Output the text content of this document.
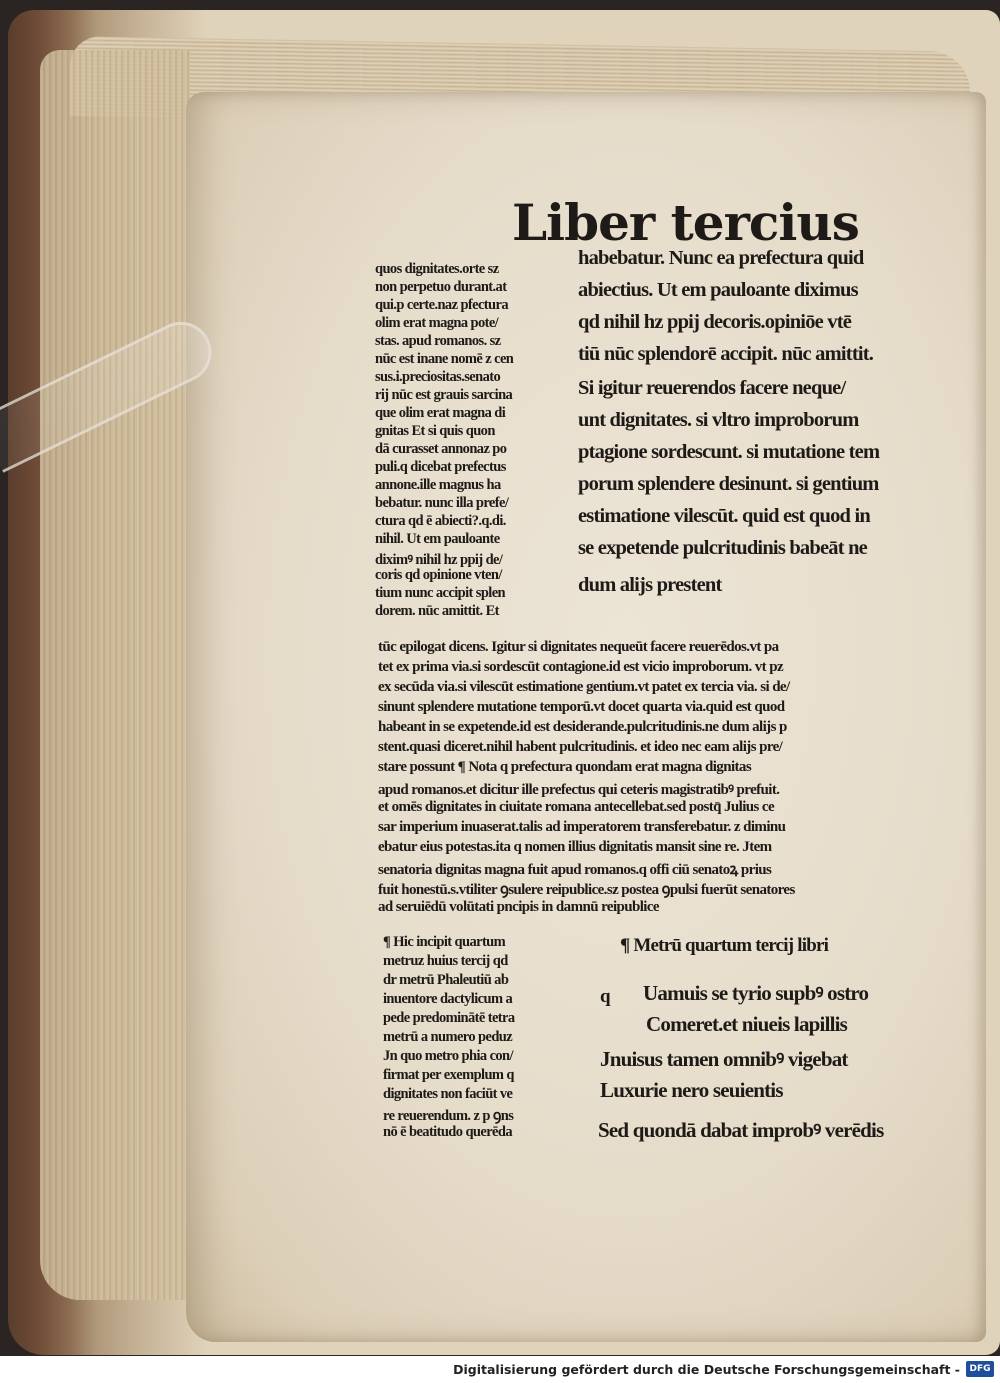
Liber tercius
quos dignitates.orte sz
non perpetuo durant.at
qui.p certe.naz pfectura
olim erat magna pote/
stas. apud romanos. sz
nūc est inane nomē z cen
sus.i.preciositas.senato
rij nūc est grauis sarcina
que olim erat magna di
gnitas Et si quis quon
dā curasset annonaz po
puli.q dicebat prefectus
annone.ille magnus ha
bebatur. nunc illa prefe/
ctura qd ē abiecti?.q.di.
nihil. Ut em pauloante
diximꝰ nihil hz ppij de/
coris qd opinione vten/
tium nunc accipit splen
dorem. nūc amittit. Et
habebatur. Nunc ea prefectura quid
abiectius. Ut em pauloante diximus
qd nihil hz ppij decoris.opiniōe vtē
tiū nūc splendorē accipit. nūc amittit.
Si igitur reuerendos facere neque/
unt dignitates. si vltro improborum
ptagione sordescunt. si mutatione tem
porum splendere desinunt. si gentium
estimatione vilescūt. quid est quod in
se expetende pulcritudinis babeāt ne
dum alijs prestent
tūc epilogat dicens. Igitur si dignitates nequeūt facere reuerēdos.vt pa
tet ex prima via.si sordescūt contagione.id est vicio improborum. vt pz
ex secūda via.si vilescūt estimatione gentium.vt patet ex tercia via. si de/
sinunt splendere mutatione temporū.vt docet quarta via.quid est quod
habeant in se expetende.id est desiderande.pulcritudinis.ne dum alijs p
stent.quasi diceret.nihil habent pulcritudinis. et ideo nec eam alijs pre/
stare possunt ¶ Nota q prefectura quondam erat magna dignitas
apud romanos.et dicitur ille prefectus qui ceteris magistratibꝰ prefuit.
et omēs dignitates in ciuitate romana antecellebat.sed postq̄ Julius ce
sar imperium inuaserat.talis ad imperatorem transferebatur. z diminu
ebatur eius potestas.ita q nomen illius dignitatis mansit sine re. Jtem
senatoria dignitas magna fuit apud romanos.q offi ciū senatoꝝ prius
fuit honestū.s.vtiliter ꝯsulere reipublice.sz postea ꝯpulsi fuerūt senatores
ad seruiēdū volūtati pncipis in damnū reipublice
¶ Hic incipit quartum
metruz huius tercij qd
dr metrū Phaleutiū ab
inuentore dactylicum a
pede predominātē tetra
metrū a numero peduz
Jn quo metro phia con/
firmat per exemplum q
dignitates non faciūt ve
re reuerendum. z p ꝯns
nō ē beatitudo querēda
¶ Metrū quartum tercij libri
q Uamuis se tyrio supbꝰ ostro
Comeret.et niueis lapillis
Jnuisus tamen omnibꝰ vigebat
Luxurie nero seuientis
Sed quondā dabat improbꝰ verēdis
Digitalisierung gefördert durch die Deutsche Forschungsgemeinschaft -	DFG
